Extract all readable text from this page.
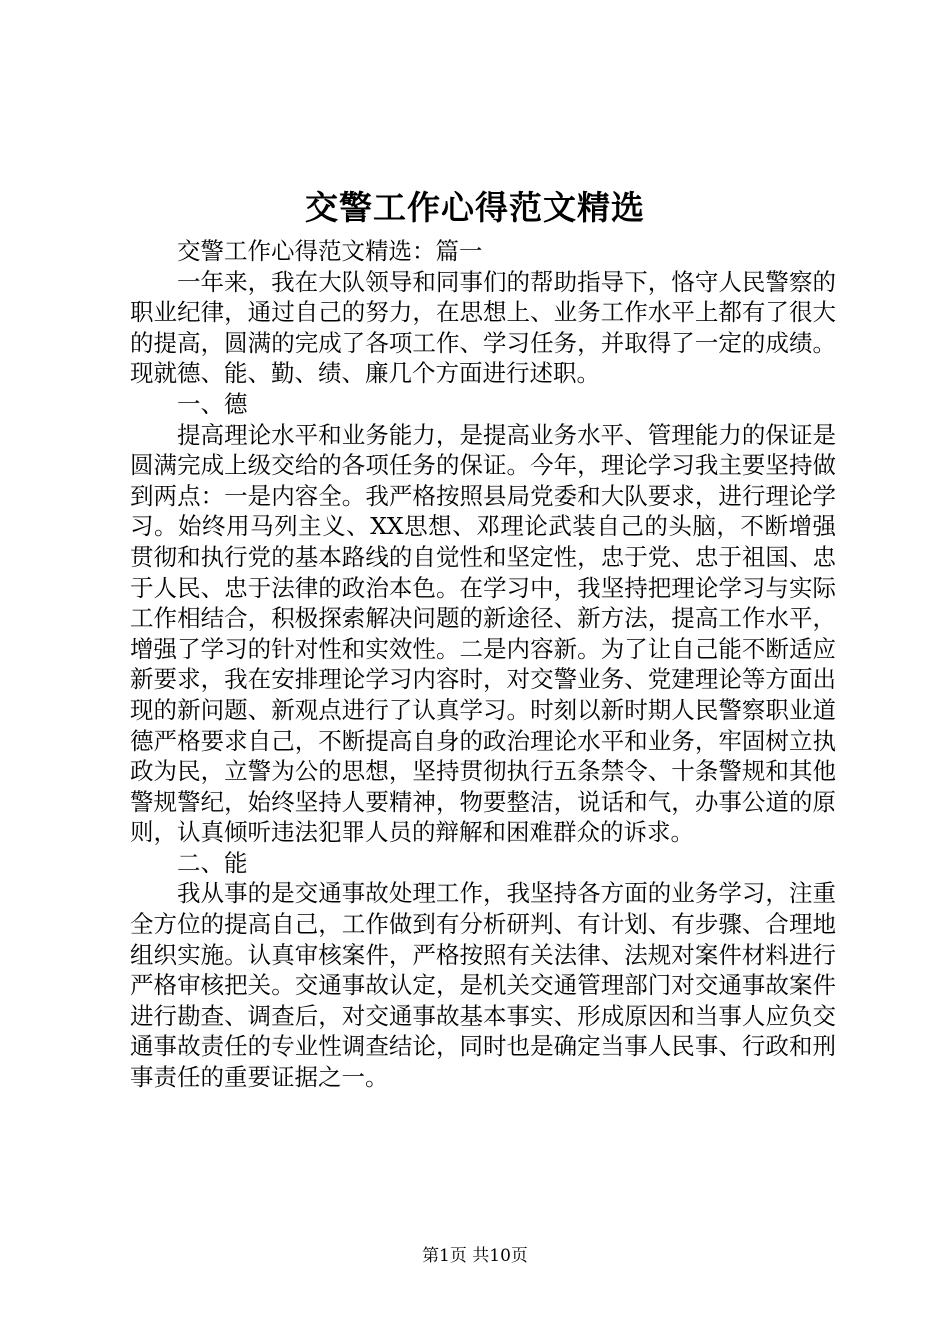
交警工作心得范文精选

交警工作心得范文精选：篇一

一年来，我在大队领导和同事们的帮助指导下，恪守人民警察的职业纪律，通过自己的努力，在思想上、业务工作水平上都有了很大的提高，圆满的完成了各项工作、学习任务，并取得了一定的成绩。现就德、能、勤、绩、廉几个方面进行述职。

一、德

提高理论水平和业务能力，是提高业务水平、管理能力的保证是圆满完成上级交给的各项任务的保证。今年，理论学习我主要坚持做到两点：一是内容全。我严格按照县局党委和大队要求，进行理论学习。始终用马列主义、XX思想、邓理论武装自己的头脑，不断增强贯彻和执行党的基本路线的自觉性和坚定性，忠于党、忠于祖国、忠于人民、忠于法律的政治本色。在学习中，我坚持把理论学习与实际工作相结合，积极探索解决问题的新途径、新方法，提高工作水平，增强了学习的针对性和实效性。二是内容新。为了让自己能不断适应新要求，我在安排理论学习内容时，对交警业务、党建理论等方面出现的新问题、新观点进行了认真学习。时刻以新时期人民警察职业道德严格要求自己，不断提高自身的政治理论水平和业务，牢固树立执政为民，立警为公的思想，坚持贯彻执行五条禁令、十条警规和其他警规警纪，始终坚持人要精神，物要整洁，说话和气，办事公道的原则，认真倾听违法犯罪人员的辩解和困难群众的诉求。

二、能

我从事的是交通事故处理工作，我坚持各方面的业务学习，注重全方位的提高自己，工作做到有分析研判、有计划、有步骤、合理地组织实施。认真审核案件，严格按照有关法律、法规对案件材料进行严格审核把关。交通事故认定，是机关交通管理部门对交通事故案件进行勘查、调查后，对交通事故基本事实、形成原因和当事人应负交通事故责任的专业性调查结论，同时也是确定当事人民事、行政和刑事责任的重要证据之一。

第1页 共10页
